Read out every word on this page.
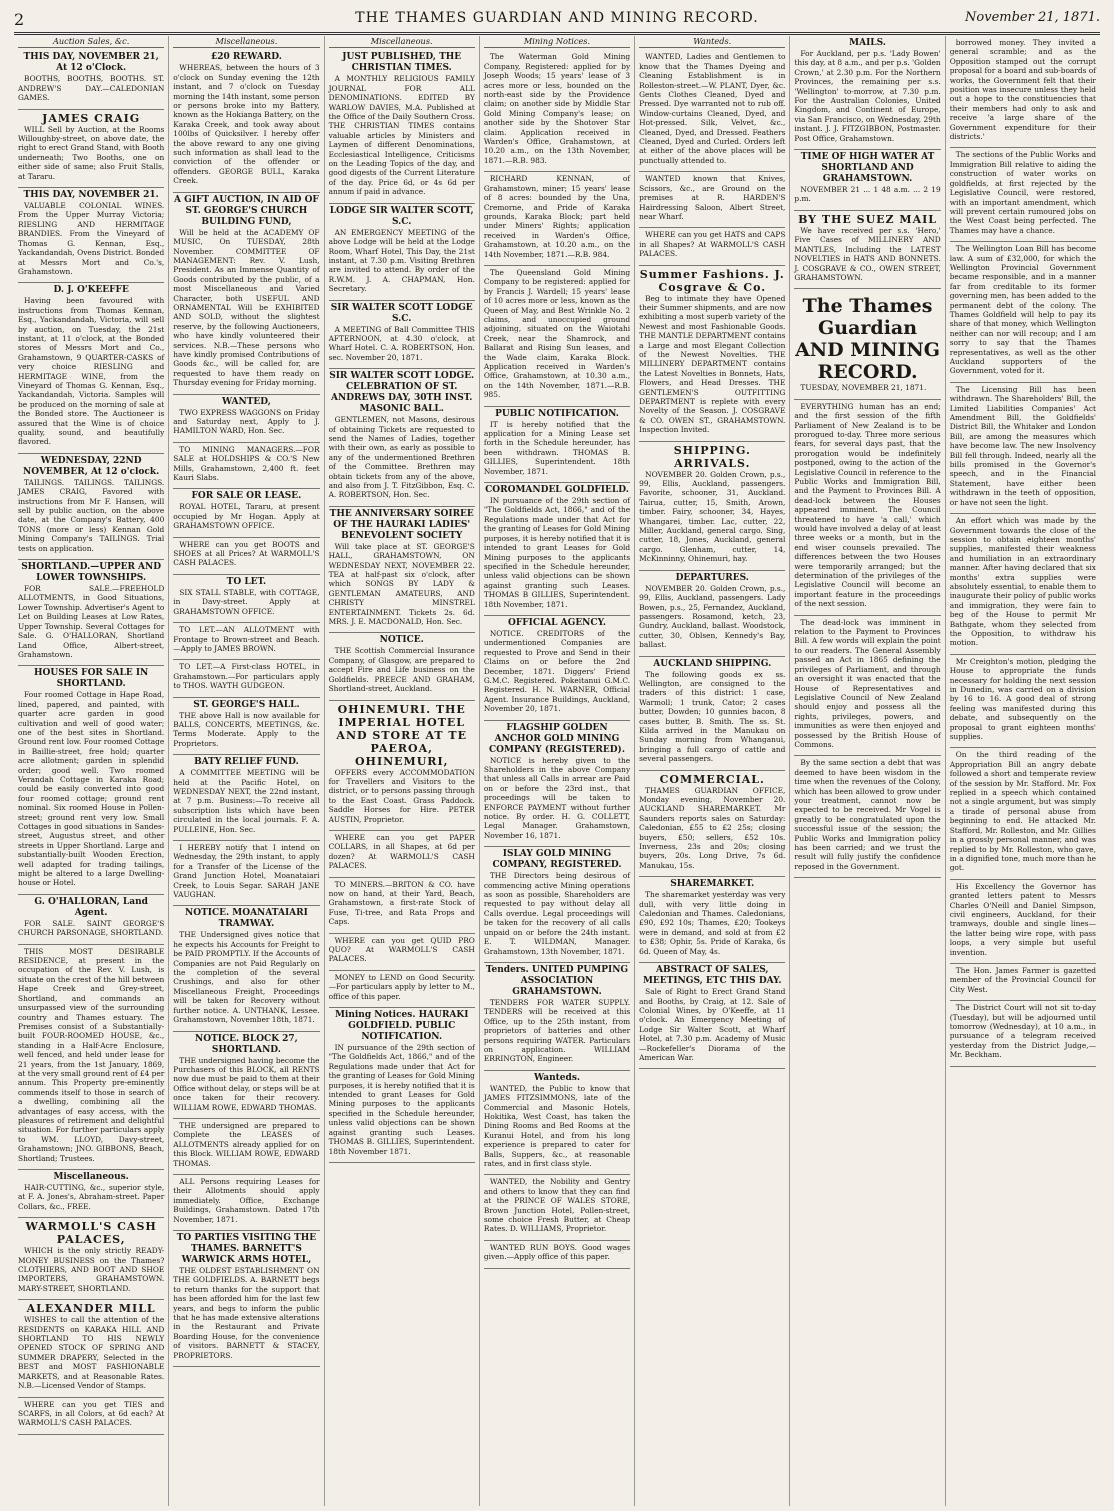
2	THE THAMES GUARDIAN AND MINING RECORD.	November 21, 1871.
Auction Sales, &c.
THIS DAY, NOVEMBER 21, At 12 o'Clock.

BOOTHS, BOOTHS, BOOTHS. ST. ANDREW'S DAY.—CALEDONIAN GAMES.

JAMES CRAIG

WILL Sell by Auction, at the Rooms Willoughby-street, on above date, the right to erect Grand Stand, with Booth underneath; Two Booths, one on either side of same; also Fruit Stalls, at Tararu.

THIS DAY, NOVEMBER 21.

VALUABLE COLONIAL WINES. From the Upper Murray Victoria; RIESLING AND HERMITAGE BRANDIES. From the Vineyard of Thomas G. Kennan, Esq., Yackandandah, Ovens District. Bonded at Messrs Mort and Co.'s, Grahamstown.

D. J. O'KEEFFE

Having been favoured with instructions from Thomas Kennan, Esq., Yackandandah, Victoria, will sell by auction, on Tuesday, the 21st instant, at 11 o'clock, at the Bonded stores of Messrs Mort and Co., Grahamstown, 9 QUARTER-CASKS of very choice RIESLING and HERMITAGE WINE, from the Vineyard of Thomas G. Kennan, Esq., Yackandandah, Victoria. Samples will be produced on the morning of sale at the Bonded store. The Auctioneer is assured that the Wine is of choice quality, sound, and beautifully flavored.

WEDNESDAY, 22ND NOVEMBER, At 12 o'clock.

TAILINGS. TAILINGS. TAILINGS. JAMES CRAIG, Favored with instructions from Mr F. Hansen, will sell by public auction, on the above date, at the Company's Battery, 400 TONS (more or less) Kennan Gold Mining Company's TAILINGS. Trial tests on application.

SHORTLAND.—UPPER AND LOWER TOWNSHIPS.

FOR SALE.—FREEHOLD ALLOTMENTS, in Good Situations, Lower Township. Advertiser's Agent to Let on Building Leases at Low Rates, Upper Township. Several Cottages for Sale. G. O'HALLORAN, Shortland Land Office, Albert-street, Grahamstown.

HOUSES FOR SALE IN SHORTLAND.

Four roomed Cottage in Hape Road, lined, papered, and painted, with quarter acre garden in good cultivation and well of good water; one of the best sites in Shortland. Ground rent low. Four roomed Cottage in Baillie-street, free hold; quarter acre allotment; garden in splendid order; good well. Two roomed Verandah Cottage in Karaka Road; could be easily converted into good four roomed cottage; ground rent nominal. Six roomed House in Pollen-street; ground rent very low. Small Cottages in good situations in Sandes-street, Augustus street, and other streets in Upper Shortland. Large and substantially-built Wooden Erection, well adapted for trading tailings, might be altered to a large Dwelling-house or Hotel.

G. O'HALLORAN, Land Agent.

FOR SALE. SAINT GEORGE'S CHURCH PARSONAGE, SHORTLAND.

THIS MOST DESIRABLE RESIDENCE, at present in the occupation of the Rev. V. Lush, is situate on the crest of the hill between Hape Creek and Grey-street, Shortland, and commands an unsurpassed view of the surrounding country and Thames estuary. The Premises consist of a Substantially-built FOUR-ROOMED HOUSE, &c., standing in a Half-Acre Enclosure, well fenced, and held under lease for 21 years, from the 1st January, 1869, at the very small ground rent of £4 per annum. This Property pre-eminently commends itself to those in search of a dwelling, combining all the advantages of easy access, with the pleasures of retirement and delightful situation. For further particulars apply to WM. LLOYD, Davy-street, Grahamstown; JNO. GIBBONS, Beach, Shortland; Trustees.

Miscellaneous.

HAIR-CUTTING, &c., superior style, at F. A. Jones's, Abraham-street. Paper Collars, &c., FREE.

WARMOLL'S CASH PALACES,

WHICH is the only strictly READY-MONEY BUSINESS on the Thames? CLOTHIERS, AND BOOT AND SHOE IMPORTERS, GRAHAMSTOWN. MARY-STREET, SHORTLAND.

ALEXANDER MILL

WISHES to call the attention of the RESIDENTS on KARAKA HILL AND SHORTLAND TO HIS NEWLY OPENED STOCK OF SPRING AND SUMMER DRAPERY, Selected in the BEST and MOST FASHIONABLE MARKETS, and at Reasonable Rates. N.B.—Licensed Vendor of Stamps.

WHERE can you get TIES and SCARFS, in all Colors, at 6d each? At WARMOLL'S CASH PALACES.

Miscellaneous.
£20 REWARD.

WHEREAS, between the hours of 3 o'clock on Sunday evening the 12th instant, and 7 o'clock on Tuesday morning the 14th instant, some person or persons broke into my Battery, known as the Hokianga Battery, on the Karaka Creek, and took away about 100lbs of Quicksilver. I hereby offer the above reward to any one giving such information as shall lead to the conviction of the offender or offenders. GEORGE BULL, Karaka Creek.

A GIFT AUCTION, IN AID OF ST. GEORGE'S CHURCH BUILDING FUND,

Will be held at the ACADEMY OF MUSIC, On TUESDAY, 28th November. COMMITTEE OF MANAGEMENT: Rev. V. Lush, President. As an Immense Quantity of Goods contributed by the public, of a most Miscellaneous and Varied Character, both USEFUL AND ORNAMENTAL Will be EXHIBITED AND SOLD, without the slightest reserve, by the following Auctioneers, who have kindly volunteered their services. N.B.—These persons who have kindly promised Contributions of Goods &c., will be called for, are requested to have them ready on Thursday evening for Friday morning.

WANTED,

TWO EXPRESS WAGGONS on Friday and Saturday next, Apply to J. HAMILTON WARD, Hon. Sec.

TO MINING MANAGERS.—FOR SALE at HOLDSHIPS & CO.'S New Mills, Grahamstown, 2,400 ft. feet Kauri Slabs.

FOR SALE OR LEASE.

ROYAL HOTEL, Tararu, at present occupied by Mr Hogan. Apply at GRAHAMSTOWN OFFICE.

WHERE can you get BOOTS and SHOES at all Prices? At WARMOLL'S CASH PALACES.

TO LET.

SIX STALL STABLE, with COTTAGE, in Davy-street. Apply at GRAHAMSTOWN OFFICE.

TO LET.—AN ALLOTMENT with Frontage to Brown-street and Beach.—Apply to JAMES BROWN.

TO LET.—A First-class HOTEL, in Grahamstown.—For particulars apply to THOS. WAYTH GUDGEON.

ST. GEORGE'S HALL.

THE above Hall is now available for BALLS, CONCERTS, MEETINGS, &c. Terms Moderate. Apply to the Proprietors.

BATY RELIEF FUND.

A COMMITTEE MEETING will be held at the Pacific Hotel, on WEDNESDAY NEXT, the 22nd instant, at 7 p.m. Business:—To receive all subscription lists which have been circulated in the local journals. F. A. PULLEINE, Hon. Sec.

I HEREBY notify that I intend on Wednesday, the 29th instant, to apply for a Transfer of the License of the Grand Junction Hotel, Moanataiari Creek, to Louis Segar. SARAH JANE VAUGHAN.

NOTICE. MOANATAIARI TRAMWAY.

THE Undersigned gives notice that he expects his Accounts for Freight to be PAID PROMPTLY. If the Accounts of Companies are not Paid Regularly on the completion of the several Crushings, and also for other Miscellaneous Freight, Proceedings will be taken for Recovery without further notice. A. UNTHANK, Lessee. Grahamstown, November 18th, 1871.

NOTICE. BLOCK 27, SHORTLAND.

THE undersigned having become the Purchasers of this BLOCK, all RENTS now due must be paid to them at their Office without delay, or steps will be at once taken for their recovery. WILLIAM ROWE, EDWARD THOMAS.

THE undersigned are prepared to Complete the LEASES of ALLOTMENTS already applied for on this Block. WILLIAM ROWE, EDWARD THOMAS.

ALL Persons requiring Leases for their Allotments should apply immediately. Office, Exchange Buildings, Grahamstown. Dated 17th November, 1871.

TO PARTIES VISITING THE THAMES. BARNETT'S WARWICK ARMS HOTEL,

THE OLDEST ESTABLISHMENT ON THE GOLDFIELDS. A. BARNETT begs to return thanks for the support that has been afforded him for the last few years, and begs to inform the public that he has made extensive alterations in the Restaurant and Private Boarding House, for the convenience of visitors. BARNETT & STACEY, PROPRIETORS.

Miscellaneous.
JUST PUBLISHED, THE CHRISTIAN TIMES.

A MONTHLY RELIGIOUS FAMILY JOURNAL FOR ALL DENOMINATIONS. EDITED BY WARLOW DAVIES, M.A. Published at the Office of the Daily Southern Cross. THE CHRISTIAN TIMES contains valuable articles by Ministers and Laymen of different Denominations, Ecclesiastical Intelligence, Criticisms on the Leading Topics of the day, and good digests of the Current Literature of the day. Price 6d, or 4s 6d per annum if paid in advance.

LODGE SIR WALTER SCOTT, S.C.

AN EMERGENCY MEETING of the above Lodge will be held at the Lodge Room, Wharf Hotel, This Day, the 21st instant, at 7.30 p.m. Visiting Brethren are invited to attend. By order of the R.W.M. J. A. CHAPMAN, Hon. Secretary.

SIR WALTER SCOTT LODGE S.C.

A MEETING of Ball Committee THIS AFTERNOON, at 4.30 o'clock, at Wharf Hotel. C. A. ROBERTSON, Hon. sec. November 20, 1871.

SIR WALTER SCOTT LODGE. CELEBRATION OF ST. ANDREWS DAY, 30TH INST. MASONIC BALL.

GENTLEMEN, not Masons, desirous of obtaining Tickets are requested to send the Names of Ladies, together with their own, as early as possible to any of the undermentioned Brethren of the Committee. Brethren may obtain tickets from any of the above, and also from J. T. FitzGibbon, Esq. C. A. ROBERTSON, Hon. Sec.

THE ANNIVERSARY SOIREE OF THE HAURAKI LADIES' BENEVOLENT SOCIETY

Will take place at ST. GEORGE'S HALL, GRAHAMSTOWN, ON WEDNESDAY NEXT, NOVEMBER 22. TEA at half-past six o'clock, after which SONGS BY LADY & GENTLEMAN AMATEURS, AND CHRISTY MINSTREL ENTERTAINMENT. Tickets 2s. 6d. MRS. J. E. MACDONALD, Hon. Sec.

NOTICE.

THE Scottish Commercial Insurance Company, of Glasgow, are prepared to accept Fire and Life business on the Goldfields. PREECE AND GRAHAM, Shortland-street, Auckland.

OHINEMURI. THE IMPERIAL HOTEL AND STORE AT TE PAEROA, OHINEMURI,

OFFERS every ACCOMMODATION for Travellers and Visitors to the district, or to persons passing through to the East Coast. Grass Paddock. Saddle Horses for Hire. PETER AUSTIN, Proprietor.

WHERE can you get PAPER COLLARS, in all Shapes, at 6d per dozen? At WARMOLL'S CASH PALACES.

TO MINERS.—BRITON & CO. have now on hand, at their Yard, Beach, Grahamstown, a first-rate Stock of Fuse, Ti-tree, and Rata Props and Caps.

WHERE can you get QUID PRO QUO? At WARMOLL'S CASH PALACES.

MONEY to LEND on Good Security.—For particulars apply by letter to M., office of this paper.

Mining Notices. HAURAKI GOLDFIELD. PUBLIC NOTIFICATION.

IN pursuance of the 29th section of "The Goldfields Act, 1866," and of the Regulations made under that Act for the granting of Leases for Gold Mining purposes, it is hereby notified that it is intended to grant Leases for Gold Mining purposes to the applicants specified in the Schedule hereunder, unless valid objections can be shown against granting such Leases. THOMAS B. GILLIES, Superintendent. 18th November 1871.

Mining Notices.

The Waterman Gold Mining Company, Registered: applied for by Joseph Woods; 15 years' lease of 3 acres more or less, bounded on the north-east side by the Providence claim; on another side by Middle Star Gold Mining Company's lease; on another side by the Shotover Star claim. Application received in Warden's Office, Grahamstown, at 10.20 a.m., on the 13th November, 1871.—R.B. 983.

RICHARD KENNAN, of Grahamstown, miner; 15 years' lease of 8 acres: bounded by the Una, Cremorne, and Pride of Karaka grounds, Karaka Block; part held under Miners' Rights; application received in Warden's Office, Grahamstown, at 10.20 a.m., on the 14th November, 1871.—R.B. 984.

The Queensland Gold Mining Company to be registered: applied for by Francis J. Wardell; 15 years' lease of 10 acres more or less, known as the Queen of May, and Best Wrinkle No. 2 claims, and unoccupied ground adjoining, situated on the Waiotahi Creek, near the Shamrock, and Ballarat and Rising Sun leases, and the Wade claim, Karaka Block. Application received in Warden's Office, Grahamstown, at 10.30 a.m., on the 14th November, 1871.—R.B. 985.

PUBLIC NOTIFICATION.

IT is hereby notified that the application for a Mining Lease set forth in the Schedule hereunder, has been withdrawn. THOMAS B. GILLIES, Superintendent. 18th November, 1871.

COROMANDEL GOLDFIELD.

IN pursuance of the 29th section of "The Goldfields Act, 1866," and of the Regulations made under that Act for the granting of Leases for Gold Mining purposes, it is hereby notified that it is intended to grant Leases for Gold Mining purposes to the applicants specified in the Schedule hereunder, unless valid objections can be shown against granting such Leases. THOMAS B GILLIES, Superintendent. 18th November, 1871.

OFFICIAL AGENCY.

NOTICE. CREDITORS of the undermentioned Companies are requested to Prove and Send in their Claims on or before the 2nd December, 1871. Diggers' Friend G.M.C. Registered. Pokeitanui G.M.C. Registered. H. N. WARNER, Official Agent. Insurance Buildings, Auckland, November 20, 1871.

FLAGSHIP GOLDEN ANCHOR GOLD MINING COMPANY (REGISTERED).

NOTICE is hereby given to the Shareholders in the above Company that unless all Calls in arrear are Paid on or before the 23rd inst., that proceedings will be taken to ENFORCE PAYMENT without further notice. By order. H. G. COLLETT, Legal Manager. Grahamstown, November 16, 1871.

ISLAY GOLD MINING COMPANY, REGISTERED.

THE Directors being desirous of commencing active Mining operations as soon as possible, Shareholders are requested to pay without delay all Calls overdue. Legal proceedings will be taken for the recovery of all calls unpaid on or before the 24th instant. E. T. WILDMAN, Manager. Grahamstown, 13th November, 1871.

Tenders. UNITED PUMPING ASSOCIATION GRAHAMSTOWN.

TENDERS FOR WATER SUPPLY. TENDERS will be received at this Office, up to the 25th instant, from proprietors of batteries and other persons requiring WATER. Particulars on application. WILLIAM ERRINGTON, Engineer.

Wanteds.

WANTED, the Public to know that JAMES FITZSIMMONS, late of the Commercial and Masonic Hotels, Hokitika, West Coast, has taken the Dining Rooms and Bed Rooms at the Kuranui Hotel, and from his long experience is prepared to cater for Balls, Suppers, &c., at reasonable rates, and in first class style.

WANTED, the Nobility and Gentry and others to know that they can find at the PRINCE OF WALES STORE, Brown Junction Hotel, Pollen-street, some choice Fresh Butter, at Cheap Rates. D. WILLIAMS, Proprietor.

WANTED RUN BOYS. Good wages given.—Apply office of this paper.

Wanteds.

WANTED, Ladies and Gentlemen to know that the Thames Dyeing and Cleaning Establishment is in Rolleston-street.—W. PLANT, Dyer, &c. Gents Clothes Cleaned, Dyed and Pressed. Dye warranted not to rub off. Window-curtains Cleaned, Dyed, and Hot-pressed. Silk, Velvet, &c., Cleaned, Dyed, and Dressed. Feathers Cleaned, Dyed and Curled. Orders left at either of the above places will be punctually attended to.

WANTED known that Knives, Scissors, &c., are Ground on the premises at R. HARDEN'S Hairdressing Saloon, Albert Street, near Wharf.

WHERE can you get HATS and CAPS in all Shapes? At WARMOLL'S CASH PALACES.

Summer Fashions. J. Cosgrave & Co.

Beg to intimate they have Opened their Summer shipments, and are now exhibiting a most superb variety of the Newest and most Fashionable Goods. THE MANTLE DEPARTMENT contains a Large and most Elegant Collection of the Newest Novelties. THE MILLINERY DEPARTMENT contains the Latest Novelties in Bonnets, Hats, Flowers, and Head Dresses. THE GENTLEMEN'S OUTFITTING DEPARTMENT is replete with every Novelty of the Season. J. COSGRAVE & CO. OWEN ST., GRAHAMSTOWN. Inspection Invited.

SHIPPING. ARRIVALS.

NOVEMBER 20. Golden Crown, p.s., 99, Ellis, Auckland, passengers. Favorite, schooner, 31, Auckland. Tairua, cutter, 15, Smith, Arown, timber. Fairy, schooner, 34, Hayes, Whangarei, timber. Lac, cutter, 22, Miller, Auckland, general cargo. Sing, cutter, 18, Jones, Auckland, general cargo. Glenham, cutter, 14, McKinninny, Ohinemuri, hay.

DEPARTURES.

NOVEMBER 20. Golden Crown, p.s., 99, Ellis, Auckland, passengers. Lady Bowen, p.s., 25, Fernandez, Auckland, passengers. Rosamond, ketch, 23, Gundry, Auckland, ballast. Woodstock, cutter, 30, Oblsen, Kennedy's Bay, ballast.

AUCKLAND SHIPPING.

The following goods ex ss. Wellington, are consigned to the traders of this district: 1 case, Warmoll; 1 trunk, Cator; 2 cases butter, Dowden; 10 gunnies bacon, 8 cases butter, B. Smith. The ss. St. Kilda arrived in the Manukau on Sunday morning from Whanganui, bringing a full cargo of cattle and several passengers.

COMMERCIAL.

THAMES GUARDIAN OFFICE, Monday evening, November 20. AUCKLAND SHAREMARKET. Mr Saunders reports sales on Saturday: Caledonian, £55 to £2 25s; closing buyers, £50; sellers, £52 10s. Inverness, 23s and 20s; closing buyers, 20s. Long Drive, 7s 6d. Manukau, 15s.

SHAREMARKET.

The sharemarket yesterday was very dull, with very little doing in Caledonian and Thames. Caledonians, £90, £92 10s; Thames, £20; Tookeys were in demand, and sold at from £2 to £38; Ophir, 5s. Pride of Karaka, 6s 6d. Queen of May, 4s.

ABSTRACT OF SALES, MEETINGS, ETC THIS DAY.

Sale of Right to Erect Grand Stand and Booths, by Craig, at 12. Sale of Colonial Wines, by O'Keeffe, at 11 o'clock. An Emergency Meeting of Lodge Sir Walter Scott, at Wharf Hotel, at 7.30 p.m. Academy of Music—Rockefeller's Diorama of the American War.

MAILS.

For Auckland, per p.s. 'Lady Bowen' this day, at 8 a.m., and per p.s. 'Golden Crown,' at 2.30 p.m. For the Northern Provinces, the remaining per s.s. 'Wellington' to-morrow, at 7.30 p.m. For the Australian Colonies, United Kingdom, and Continent of Europe, via San Francisco, on Wednesday, 29th instant. J. J. FITZGIBBON, Postmaster. Post Office, Grahamstown.

TIME OF HIGH WATER AT SHORTLAND AND GRAHAMSTOWN.

NOVEMBER 21 ... 1 48 a.m. ... 2 19 p.m.

BY THE SUEZ MAIL

We have received per s.s. 'Hero,' Five Cases of MILLINERY AND MANTLES, Including the LATEST NOVELTIES in HATS AND BONNETS. J. COSGRAVE & CO., OWEN STREET, GRAHAMSTOWN.

The Thames Guardian AND MINING RECORD.

TUESDAY, NOVEMBER 21, 1871.

EVERYTHING human has an end; and the first session of the fifth Parliament of New Zealand is to be prorogued to-day. Three more serious fears, for several days past, that the prorogation would be indefinitely postponed, owing to the action of the Legislative Council in reference to the Public Works and Immigration Bill, and the Payment to Provinces Bill. A dead-lock between the Houses appeared imminent. The Council threatened to have 'a call,' which would have involved a delay of at least three weeks or a month, but in the end wiser counsels prevailed. The differences between the two Houses were temporarily arranged; but the determination of the privileges of the Legislative Council will become an important feature in the proceedings of the next session.

The dead-lock was imminent in relation to the Payment to Provinces Bill. A few words will explain the point to our readers. The General Assembly passed an Act in 1865 defining the privileges of Parliament, and through an oversight it was enacted that the House of Representatives and Legislative Council of New Zealand should enjoy and possess all the rights, privileges, powers, and immunities as were then enjoyed and possessed by the British House of Commons.

By the same section a debt that was deemed to have been wisdom in the time when the revenues of the Colony, which has been allowed to grow under your treatment, cannot now be expected to be received. Mr Vogel is greatly to be congratulated upon the successful issue of the session; the Public Works and Immigration policy has been carried; and we trust the result will fully justify the confidence reposed in the Government.

borrowed money. They invited a general scramble; and as the Opposition stamped out the corrupt proposal for a board and sub-boards of works, the Government felt that their position was insecure unless they held out a hope to the constituencies that their members had only to ask and receive 'a large share of the Government expenditure for their districts.'

The sections of the Public Works and Immigration Bill relative to aiding the construction of water works on goldfields, at first rejected by the Legislative Council, were restored, with an important amendment, which will prevent certain rumoured jobs on the West Coast being perfected. The Thames may have a chance.

The Wellington Loan Bill has become law. A sum of £32,000, for which the Wellington Provincial Government became responsible, and in a manner far from creditable to its former governing men, has been added to the permanent debt of the colony. The Thames Goldfield will help to pay its share of that money, which Wellington neither can nor will recoup; and I am sorry to say that the Thames representatives, as well as the other Auckland supporters of the Government, voted for it.

The Licensing Bill has been withdrawn. The Shareholders' Bill, the Limited Liabilities Companies' Act Amendment Bill, the Goldfields' District Bill, the Whitaker and London Bill, are among the measures which have become law. The new Insolvency Bill fell through. Indeed, nearly all the bills promised in the Governor's speech, and in the Financial Statement, have either been withdrawn in the teeth of opposition, or have not seen the light.

An effort which was made by the Government towards the close of the session to obtain eighteen months' supplies, manifested their weakness and humiliation in an extraordinary manner. After having declared that six months' extra supplies were absolutely essential, to enable them to inaugurate their policy of public works and immigration, they were fain to beg of the House to permit Mr Bathgate, whom they selected from the Opposition, to withdraw his motion.

Mr Creighton's motion, pledging the House to appropriate the funds necessary for holding the next session in Dunedin, was carried on a division by 16 to 16. A good deal of strong feeling was manifested during this debate, and subsequently on the proposal to grant eighteen months' supplies.

On the third reading of the Appropriation Bill an angry debate followed a short and temperate review of the session by Mr. Stafford. Mr. Fox replied in a speech which contained not a single argument, but was simply a tirade of personal abuse from beginning to end. He attacked Mr. Stafford, Mr. Rolleston, and Mr. Gillies in a grossly personal manner, and was replied to by Mr. Rolleston, who gave, in a dignified tone, much more than he got.

His Excellency the Governor has granted letters patent to Messrs Charles O'Neill and Daniel Simpson, civil engineers, Auckland, for their tramways, double and single lines—the latter being wire rope, with pass loops, a very simple but useful invention.

The Hon. James Farmer is gazetted member of the Provincial Council for City West.

The District Court will not sit to-day (Tuesday), but will be adjourned until tomorrow (Wednesday), at 10 a.m., in pursuance of a telegram received yesterday from the District Judge,—Mr. Beckham.
